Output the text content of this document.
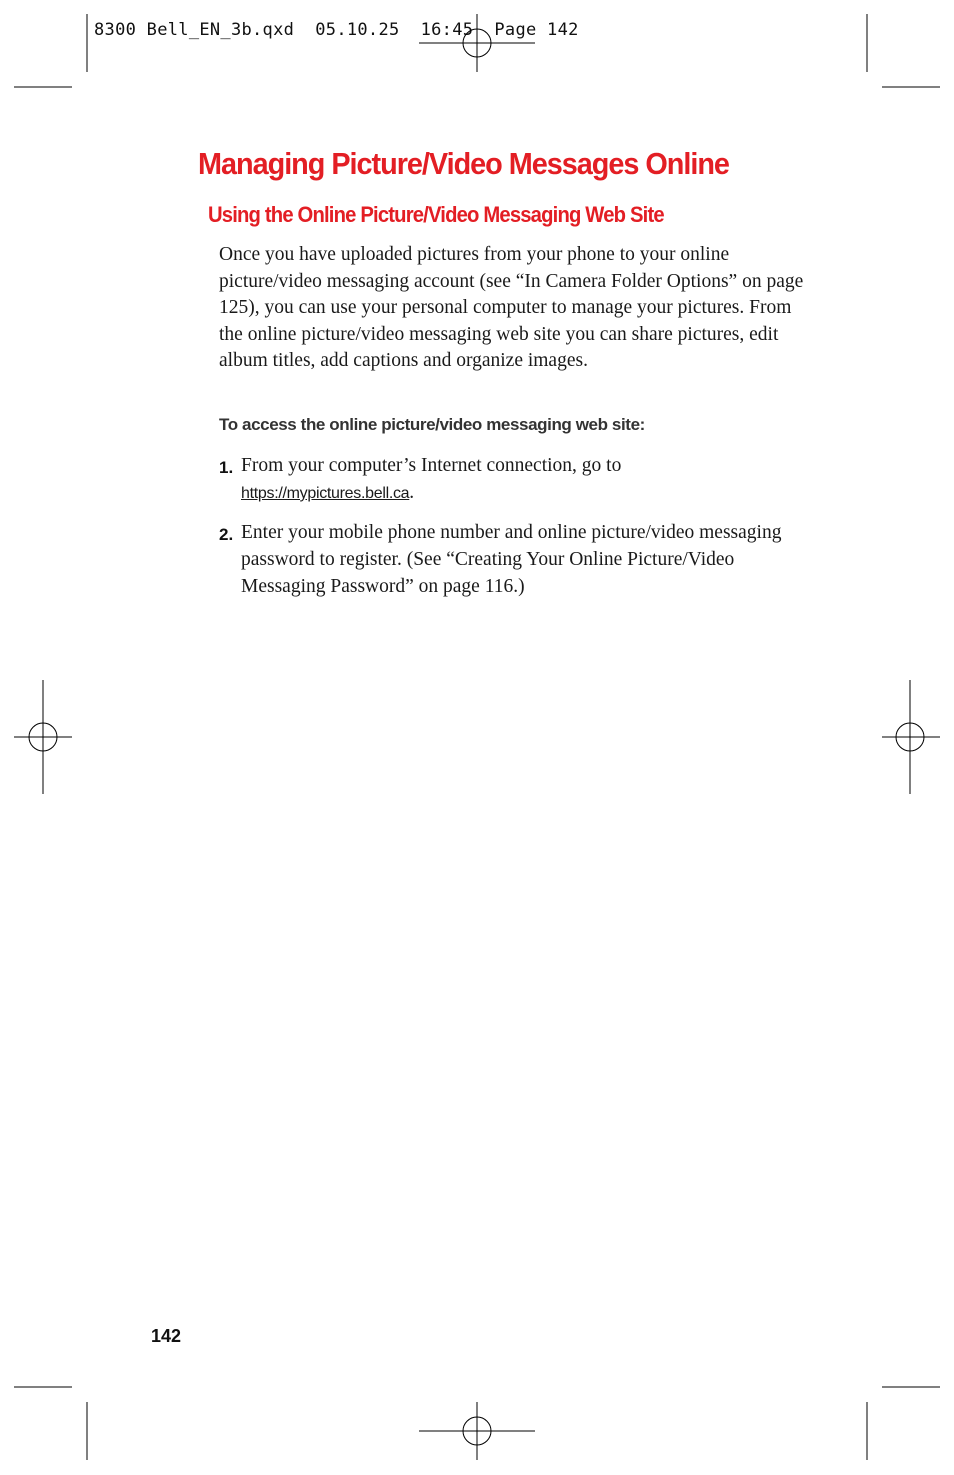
8300 Bell_EN_3b.qxd 05.10.25 16:45 Page 142
Managing Picture/Video Messages Online
Using the Online Picture/Video Messaging Web Site

Once you have uploaded pictures from your phone to your online picture/video messaging account (see “In Camera Folder Options” on page 125), you can use your personal computer to manage your pictures. From the online picture/video messaging web site you can share pictures, edit album titles, add captions and organize images.

To access the online picture/video messaging web site:

1. From your computer’s Internet connection, go to
https://mypictures.bell.ca.
2. Enter your mobile phone number and online picture/video messaging password to register. (See “Creating Your Online Picture/Video Messaging Password” on page 116.)

142
